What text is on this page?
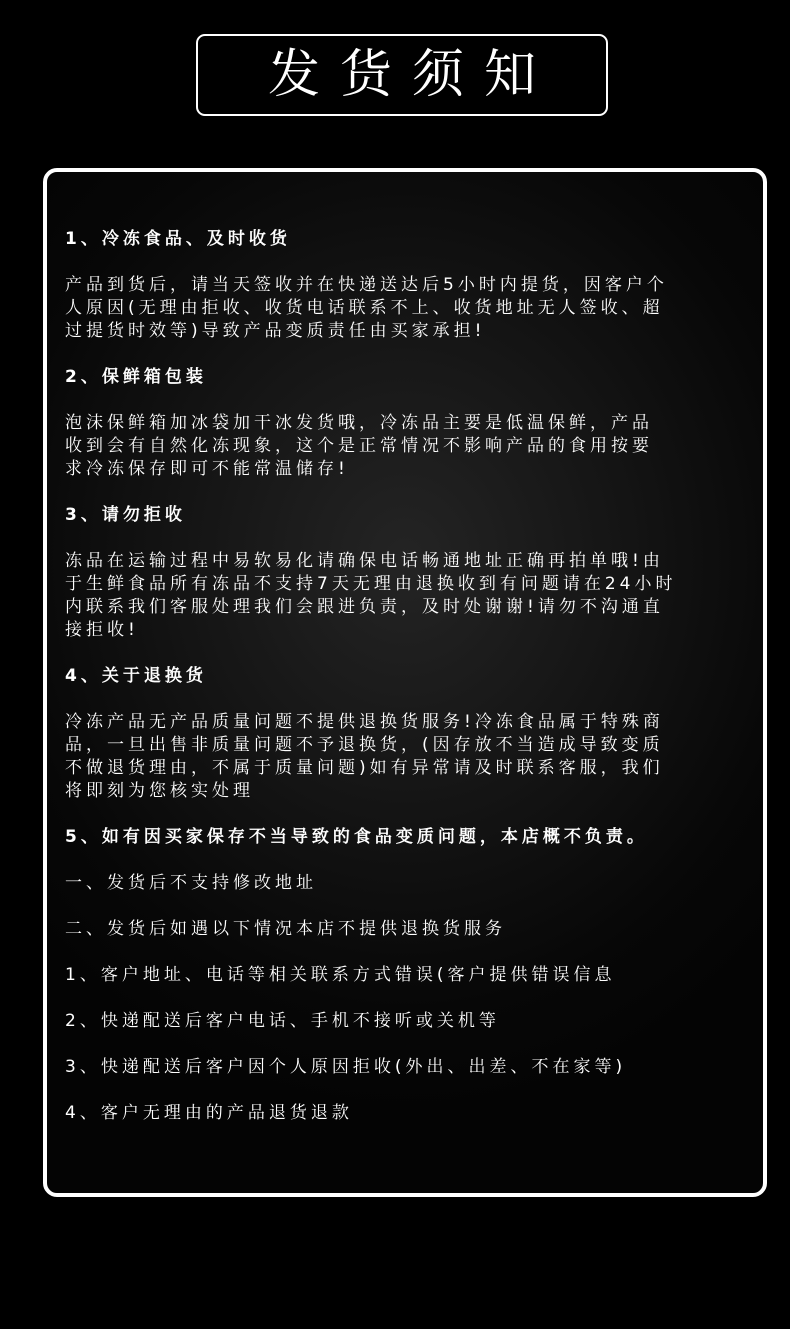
发货须知
1、冷冻食品、及时收货
产品到货后，请当天签收并在快递送达后5小时内提货，因客户个
人原因(无理由拒收、收货电话联系不上、收货地址无人签收、超
过提货时效等)导致产品变质责任由买家承担!
2、保鲜箱包装
泡沫保鲜箱加冰袋加干冰发货哦，冷冻品主要是低温保鲜，产品
收到会有自然化冻现象，这个是正常情况不影响产品的食用按要
求冷冻保存即可不能常温储存!
3、请勿拒收
冻品在运输过程中易软易化请确保电话畅通地址正确再拍单哦!由
于生鲜食品所有冻品不支持7天无理由退换收到有问题请在24小时
内联系我们客服处理我们会跟进负责，及时处谢谢!请勿不沟通直
接拒收!
4、关于退换货
冷冻产品无产品质量问题不提供退换货服务!冷冻食品属于特殊商
品，一旦出售非质量问题不予退换货，(因存放不当造成导致变质
不做退货理由，不属于质量问题)如有异常请及时联系客服，我们
将即刻为您核实处理
5、如有因买家保存不当导致的食品变质问题，本店概不负责。
一、发货后不支持修改地址
二、发货后如遇以下情况本店不提供退换货服务
1、客户地址、电话等相关联系方式错误(客户提供错误信息
2、快递配送后客户电话、手机不接听或关机等
3、快递配送后客户因个人原因拒收(外出、出差、不在家等)
4、客户无理由的产品退货退款
